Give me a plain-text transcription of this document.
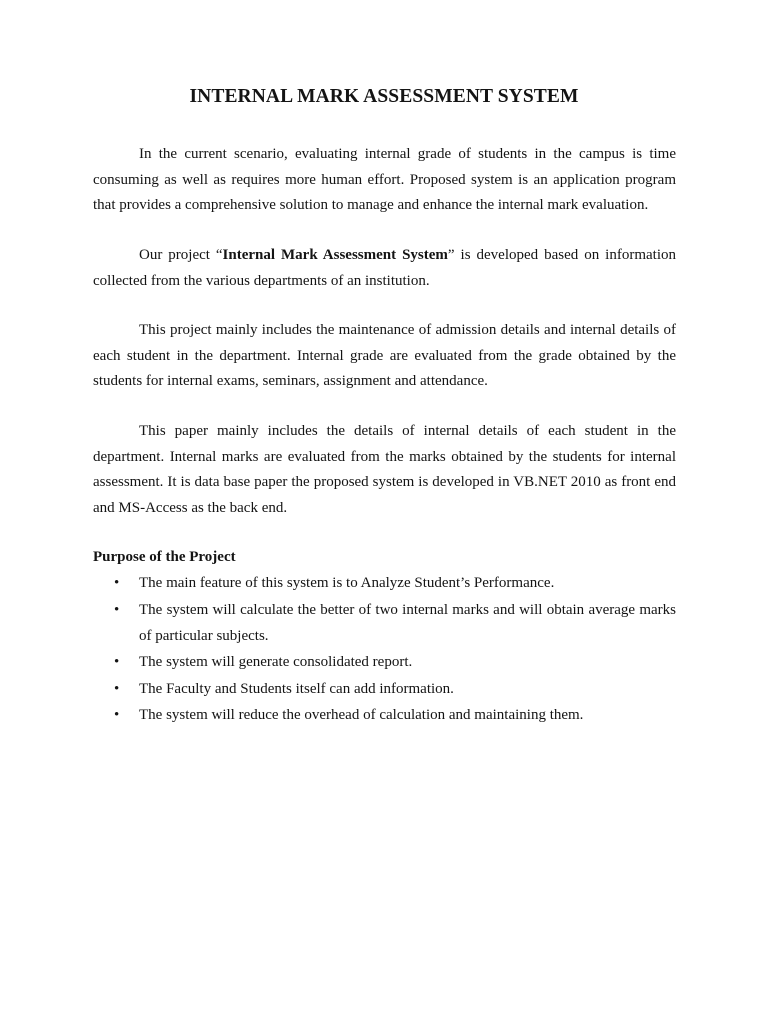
INTERNAL MARK ASSESSMENT SYSTEM

In the current scenario, evaluating internal grade of students in the campus is time consuming as well as requires more human effort. Proposed system is an application program that provides a comprehensive solution to manage and enhance the internal mark evaluation.

Our project “Internal Mark Assessment System” is developed based on information collected from the various departments of an institution.

This project mainly includes the maintenance of admission details and internal details of each student in the department. Internal grade are evaluated from the grade obtained by the students for internal exams, seminars, assignment and attendance.

This paper mainly includes the details of internal details of each student in the department. Internal marks are evaluated from the marks obtained by the students for internal assessment. It is data base paper the proposed system is developed in VB.NET 2010 as front end and MS-Access as the back end.

Purpose of the Project

• The main feature of this system is to Analyze Student’s Performance.
• The system will calculate the better of two internal marks and will obtain average marks of particular subjects.
• The system will generate consolidated report.
• The Faculty and Students itself can add information.
• The system will reduce the overhead of calculation and maintaining them.
